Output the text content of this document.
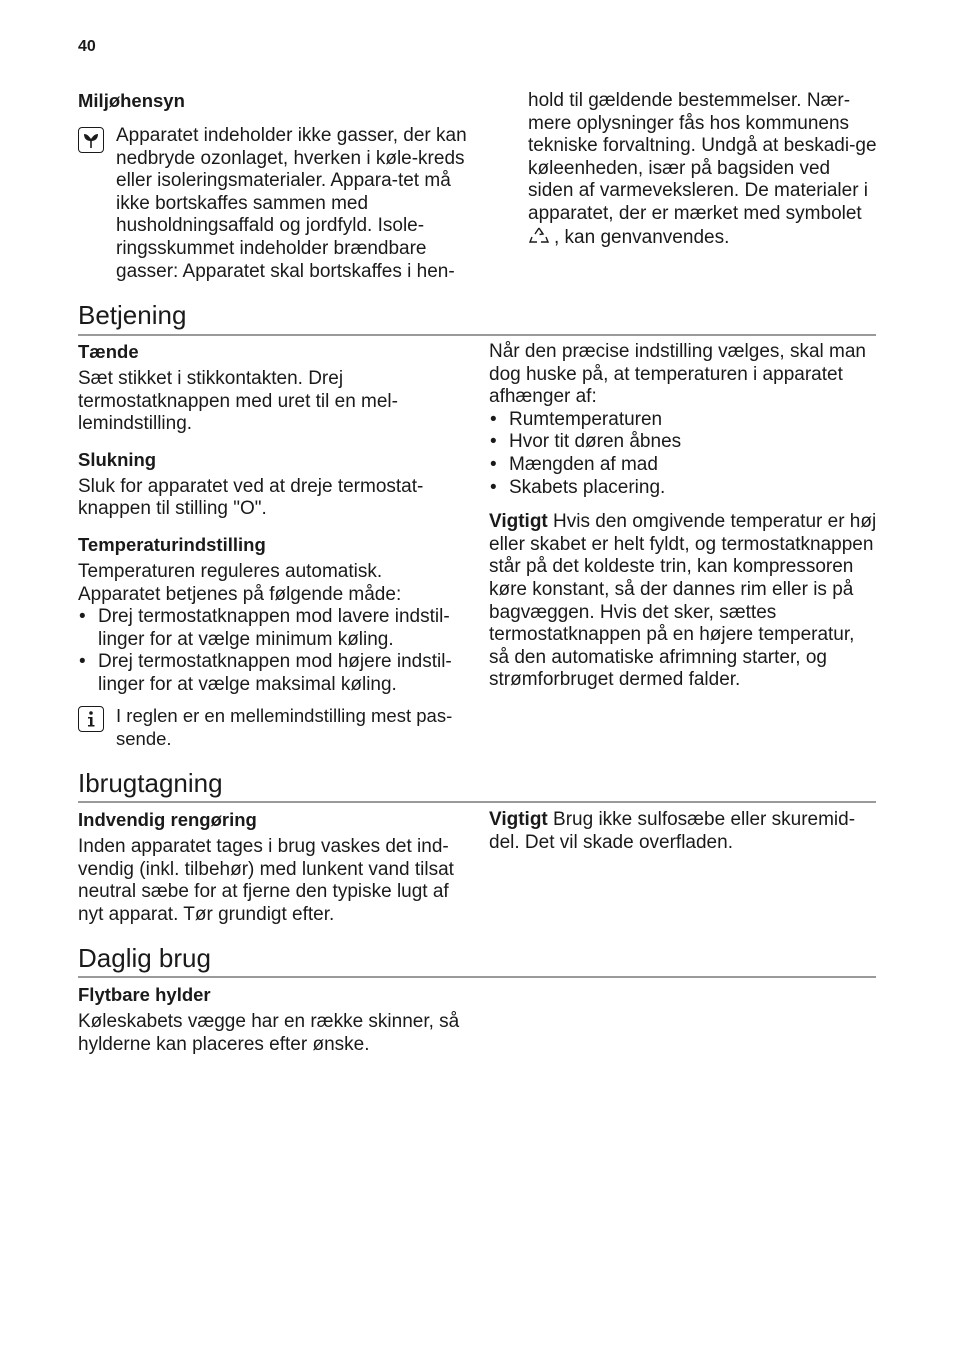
40
Miljøhensyn

Apparatet indeholder ikke gasser, der kan nedbryde ozonlaget, hverken i køle-kreds eller isoleringsmaterialer. Appara-tet må ikke bortskaffes sammen med husholdningsaffald og jordfyld. Isole-ringsskummet indeholder brændbare gasser: Apparatet skal bortskaffes i hen-

hold til gældende bestemmelser. Nær-mere oplysninger fås hos kommunens tekniske forvaltning. Undgå at beskadi-ge køleenheden, især på bagsiden ved siden af varmeveksleren. De materialer i apparatet, der er mærket med symbolet
, kan genvanvendes.

Betjening

Tænde

Sæt stikket i stikkontakten. Drej termostatknappen med uret til en mel-lemindstilling.

Slukning

Sluk for apparatet ved at dreje termostat-knappen til stilling "O".

Temperaturindstilling

Temperaturen reguleres automatisk. Apparatet betjenes på følgende måde:

• Drej termostatknappen mod lavere indstil-linger for at vælge minimum køling.
• Drej termostatknappen mod højere indstil-linger for at vælge maksimal køling.

I reglen er en mellemindstilling mest pas-sende.

Når den præcise indstilling vælges, skal man dog huske på, at temperaturen i apparatet afhænger af:

• Rumtemperaturen
• Hvor tit døren åbnes
• Mængden af mad
• Skabets placering.

Vigtigt Hvis den omgivende temperatur er høj eller skabet er helt fyldt, og termostatknappen står på det koldeste trin, kan kompressoren køre konstant, så der dannes rim eller is på bagvæggen. Hvis det sker, sættes termostatknappen på en højere temperatur, så den automatiske afrimning starter, og strømforbruget dermed falder.

Ibrugtagning

Indvendig rengøring

Inden apparatet tages i brug vaskes det ind-vendig (inkl. tilbehør) med lunkent vand tilsat neutral sæbe for at fjerne den typiske lugt af nyt apparat. Tør grundigt efter.

Vigtigt Brug ikke sulfosæbe eller skuremid-del. Det vil skade overfladen.

Daglig brug

Flytbare hylder

Køleskabets vægge har en række skinner, så hylderne kan placeres efter ønske.
